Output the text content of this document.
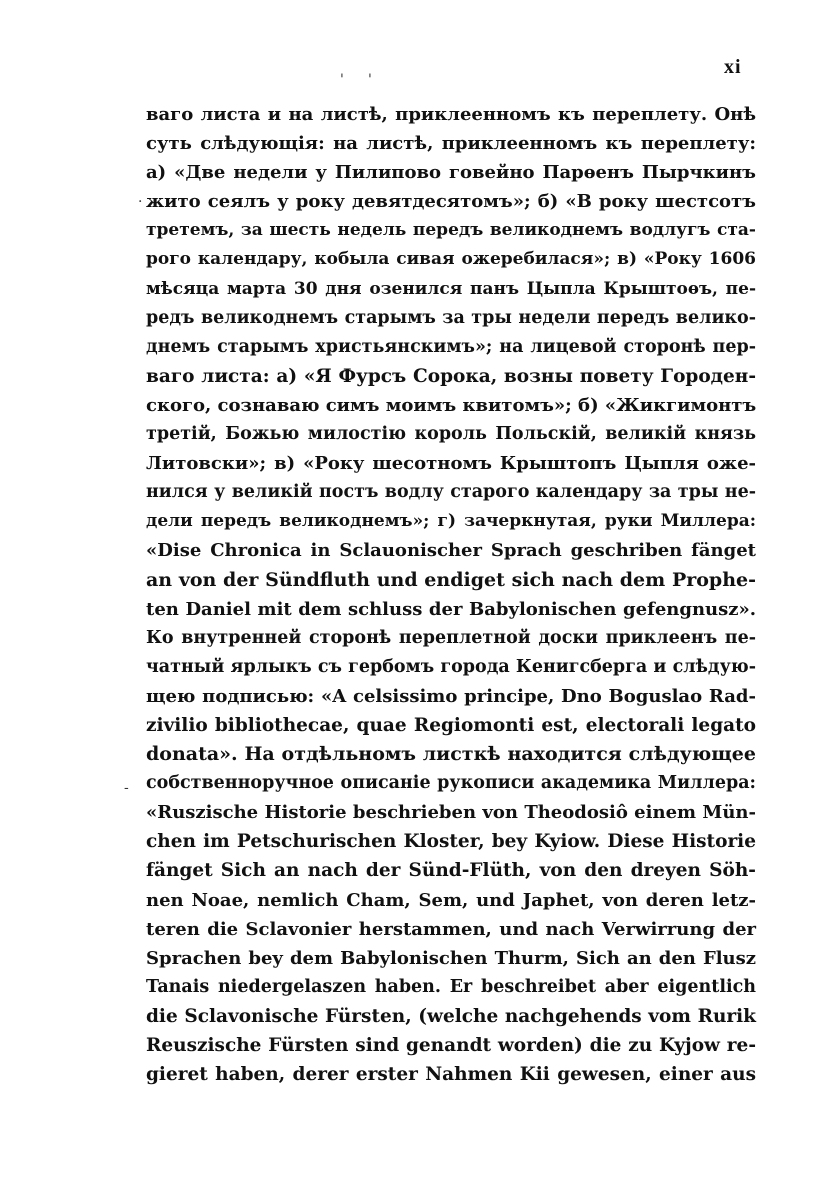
xi
' '
·
-
ваго листа и на листѣ, приклеенномъ къ переплету. Онѣ
суть слѣдующія: на листѣ, приклеенномъ къ переплету:
а) «Двe недели у Пилипово говейно Парѳенъ Пырчкинъ
жито сеялъ у року девятдесятомъ»; б) «В року шестсотъ
третемъ, за шесть недель передъ великоднемъ водлугъ ста-
рого календару, кобыла сивая ожеребилася»; в) «Року 1606
мѣсяца марта 30 дня озенился панъ Цыпла Крыштоѳъ, пе-
редъ великоднемъ старымъ за тры недели передъ велико-
днемъ старымъ христьянскимъ»; на лицевой сторонѣ пер-
ваго листа: а) «Я Фурсъ Сорока, возны повету Городен-
ского, сознаваю симъ моимъ квитомъ»; б) «Жикгимонтъ
третій, Божью милостію король Польскій, великій князь
Литовски»; в) «Року шесотномъ Крыштопъ Цыпля оже-
нилcя у великій постъ водлу старого календару за тры не-
дели передъ великоднемъ»; г) зачеркнутая, руки Миллера:
«Dise Chronica in Sclauonischer Sprach geschriben fänget
an von der Sündfluth und endiget sich nach dem Prophe-
ten Daniel mit dem schluss der Babylonischen gefengnusz».
Ко внутренней сторонѣ переплетной доски приклеенъ пе-
чатный ярлыкъ съ гербомъ города Кенигсберга и слѣдую-
щею подписью: «A celsissimo principe, Dno Boguslao Rad-
zivilio bibliothecae, quae Regiomonti est, electorali legato
donata». На отдѣльномъ листкѣ находится слѣдующее
собственноручное описаніе рукописи академика Миллера:
«Ruszische Historie beschrieben von Theodosiô einem Mün-
chen im Petschurischen Kloster, bey Kyiow. Diese Historie
fänget Sich an nach der Sünd-Flüth, von den dreyen Söh-
nen Noae, nemlich Cham, Sem, und Japhet, von deren letz-
teren die Sclavonier herstammen, und nach Verwirrung der
Sprachen bey dem Babylonischen Thurm, Sich an den Flusz
Tanais niedergelaszen haben. Er beschreibet aber eigentlich
die Sclavonische Fürsten, (welche nachgehends vom Rurik
Reuszische Fürsten sind genandt worden) die zu Kyjow re-
gieret haben, derer erster Nahmen Kii gewesen, einer aus
